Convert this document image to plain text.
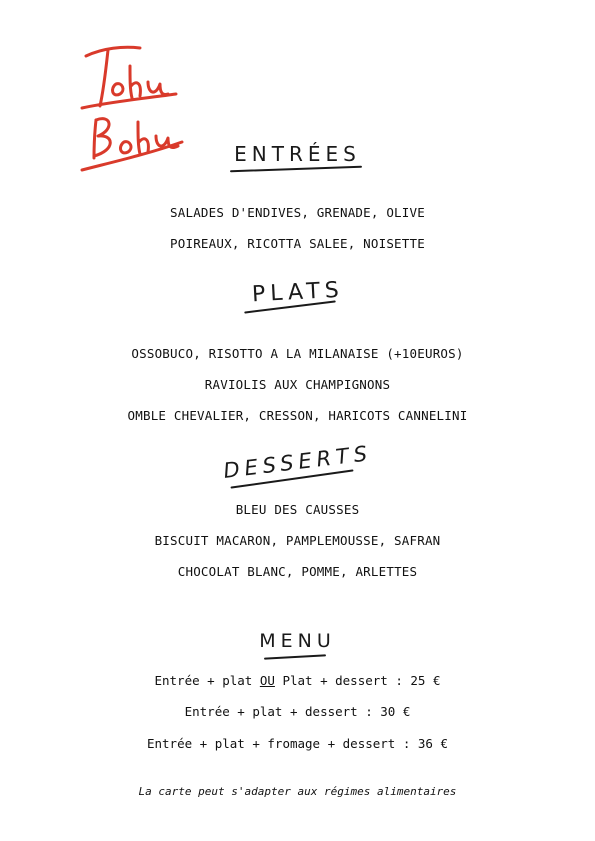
ENTRÉES
SALADES D'ENDIVES, GRENADE, OLIVE
POIREAUX, RICOTTA SALEE, NOISETTE
PLATS
OSSOBUCO, RISOTTO A LA MILANAISE (+10EUROS)
RAVIOLIS AUX CHAMPIGNONS
OMBLE CHEVALIER, CRESSON, HARICOTS CANNELINI
DESSERTS
BLEU DES CAUSSES
BISCUIT MACARON, PAMPLEMOUSSE, SAFRAN
CHOCOLAT BLANC, POMME, ARLETTES
MENU
Entrée + plat OU Plat + dessert : 25 €
Entrée + plat + dessert : 30 €
Entrée + plat + fromage + dessert : 36 €
La carte peut s'adapter aux régimes alimentaires
